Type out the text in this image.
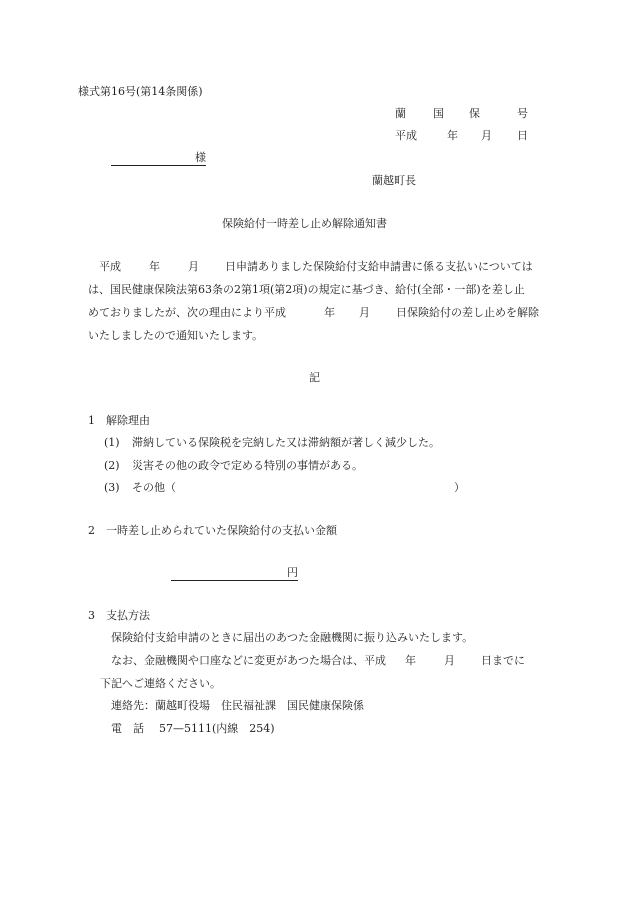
様式第16号(第14条関係)
蘭 国 保	号
平成	年 月 日
様
蘭越町長
保険給付一時差し止め解除通知書
平成	年	月 日申請ありました保険給付支給申請書に係る支払いについては
は、国民健康保険法第63条の2第1項(第2項)の規定に基づき、給付(全部・一部)を差し止
めておりましたが、次の理由により平成	年 月 日保険給付の差し止めを解除
いたしましたので通知いたします。
記
1　解除理由
(1) 滞納している保険税を完納した又は滞納額が著しく減少した。
(2) 災害その他の政令で定める特別の事情がある。
(3) その他（	）
2　一時差し止められていた保険給付の支払い金額
円
3　支払方法
保険給付支給申請のときに届出のあつた金融機関に振り込みいたします。
なお、金融機関や口座などに変更があつた場合は、平成 年	月 日までに
下記へご連絡ください。
連絡先：蘭越町役場　住民福祉課　国民健康保険係
電　話 57—5111(内線　254)
